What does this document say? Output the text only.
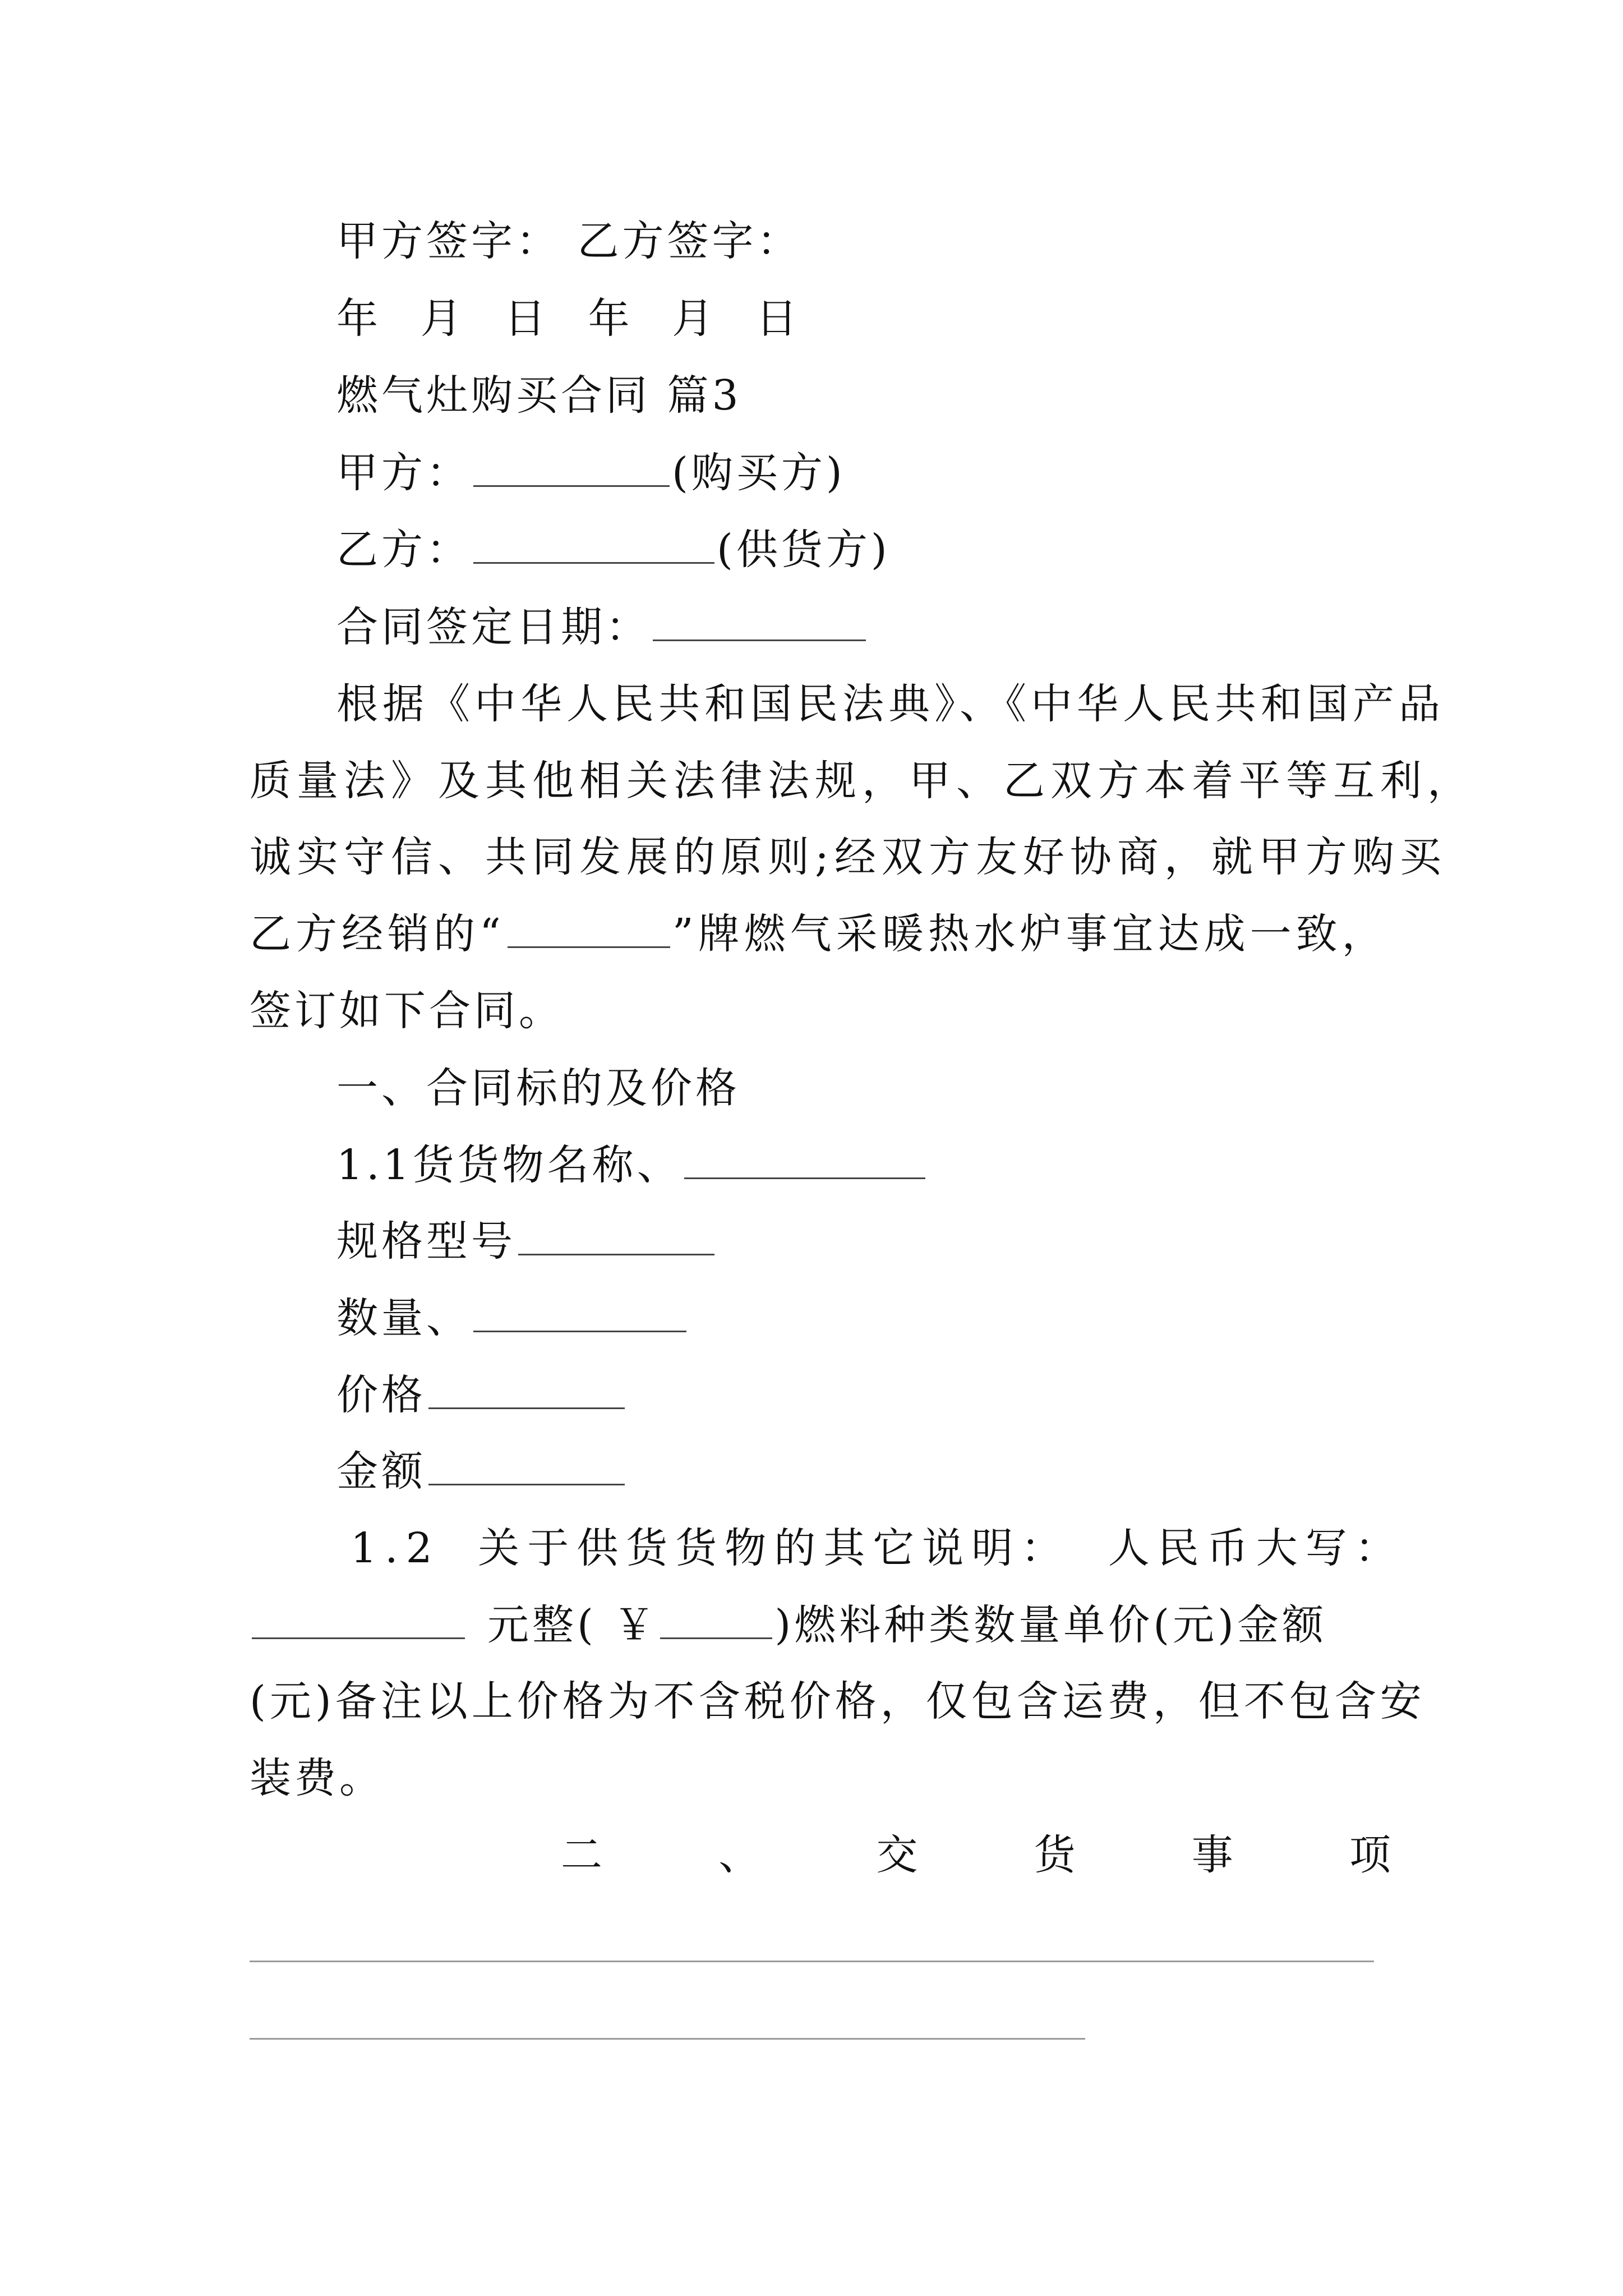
甲方签字： 乙方签字：
年 月 日 年 月 日
燃气灶购买合同 篇3
甲方：	(购买方)
乙方：	(供货方)
合同签定日期：
根据《中华人民共和国民法典》、《中华人民共和国产品
质量法》及其他相关法律法规，甲、乙双方本着平等互利，
诚实守信、共同发展的原则;经双方友好协商，就甲方购买
乙方经销的“	”牌燃气采暖热水炉事宜达成一致，
签订如下合同。
一、合同标的及价格
1.1货货物名称、
规格型号
数量、
价格
金额
1.2 关于供货货物的其它说明： 人民币大写：
元整( ￥	)燃料种类数量单价(元)金额
(元)备注以上价格为不含税价格，仅包含运费，但不包含安
装费。
二	、	交	货	事	项
